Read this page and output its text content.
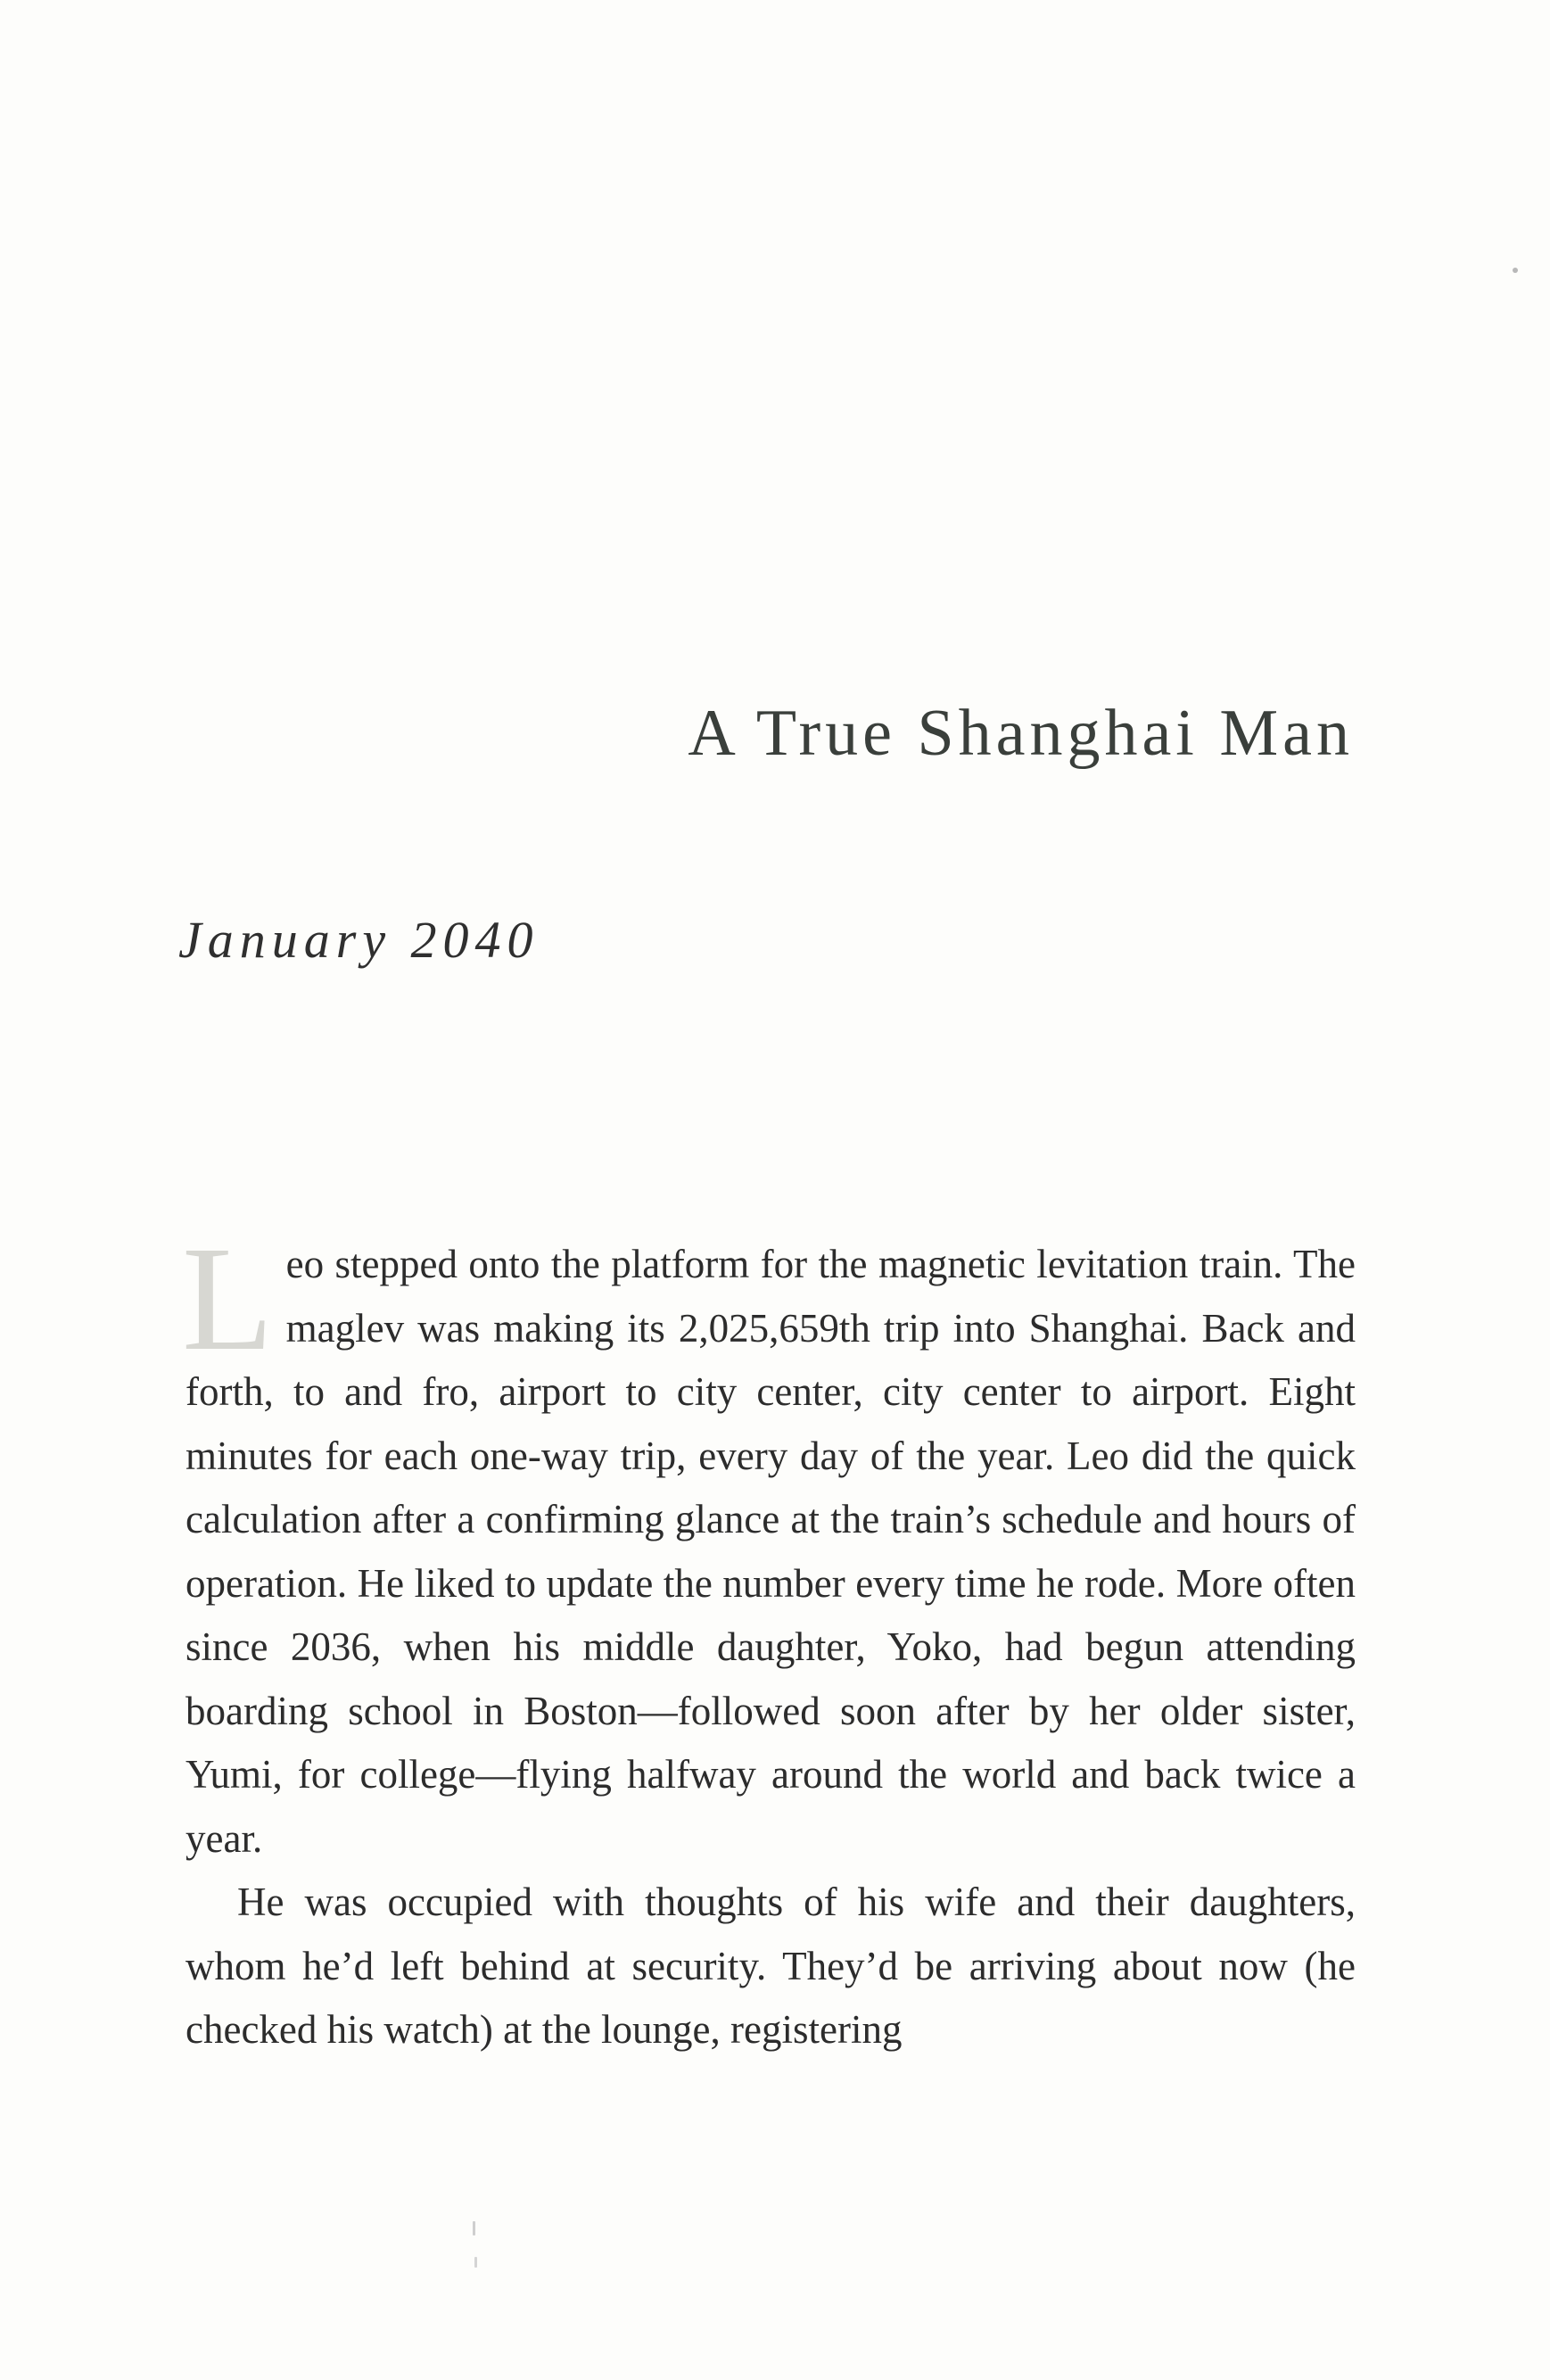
A True Shanghai Man
January 2040

Leo stepped onto the platform for the magnetic levitation train. The maglev was making its 2,025,659th trip into Shanghai. Back and forth, to and fro, airport to city center, city center to airport. Eight minutes for each one-way trip, every day of the year. Leo did the quick calculation after a confirming glance at the train’s schedule and hours of operation. He liked to update the number every time he rode. More often since 2036, when his middle daughter, Yoko, had begun attending boarding school in Boston—followed soon after by her older sister, Yumi, for college—flying halfway around the world and back twice a year.

He was occupied with thoughts of his wife and their daughters, whom he’d left behind at security. They’d be arriving about now (he checked his watch) at the lounge, registering
